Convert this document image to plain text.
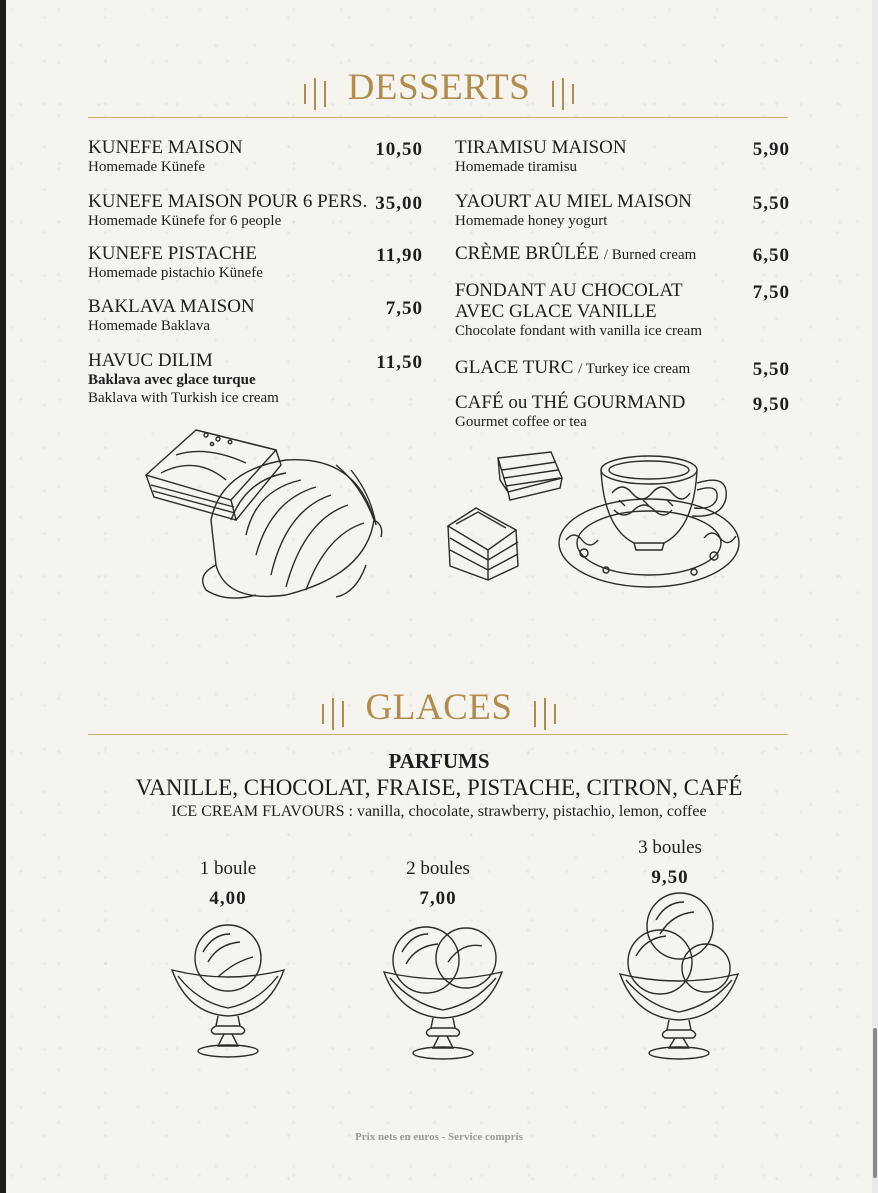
DESSERTS
KUNEFE MAISON
Homemade Künefe
10,50
KUNEFE MAISON POUR 6 PERS.
Homemade Künefe for 6 people
35,00
KUNEFE PISTACHE
Homemade pistachio Künefe
11,90
BAKLAVA MAISON
Homemade Baklava
7,50
HAVUC DILIM
Baklava avec glace turque
Baklava with Turkish ice cream
11,50
TIRAMISU MAISON
Homemade tiramisu
5,90
YAOURT AU MIEL MAISON
Homemade honey yogurt
5,50
CRÈME BRÛLÉE / Burned cream	6,50
FONDANT AU CHOCOLAT
AVEC GLACE VANILLE
Chocolate fondant with vanilla ice cream
7,50
GLACE TURC / Turkey ice cream	5,50
CAFÉ ou THÉ GOURMAND
Gourmet coffee or tea
9,50
GLACES
PARFUMS
VANILLE, CHOCOLAT, FRAISE, PISTACHE, CITRON, CAFÉ
ICE CREAM FLAVOURS : vanilla, chocolate, strawberry, pistachio, lemon, coffee
1 boule
4,00
2 boules
7,00
3 boules
9,50
Prix nets en euros - Service compris
